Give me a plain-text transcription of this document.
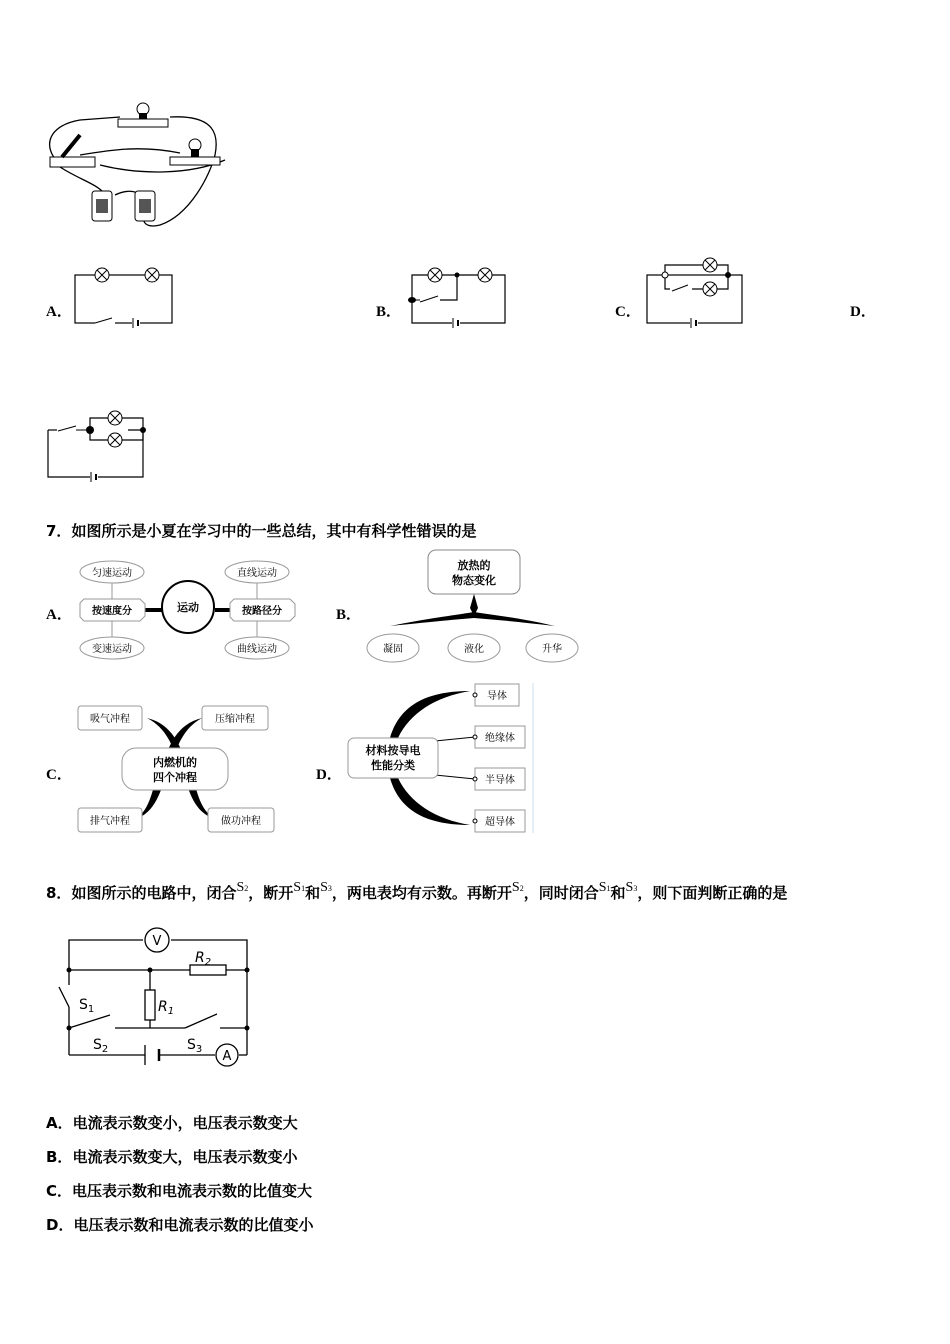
A．	B．	C．	D．
7．如图所示是小夏在学习中的一些总结，其中有科学性错误的是
A．
匀速运动
变速运动
按速度分	运动	按路径分
直线运动
曲线运动
B．
放热的
物态变化
凝固	液化	升华
C．
吸气冲程	压缩冲程
内燃机的
四个冲程
排气冲程	做功冲程
D．
材料按导电
性能分类
导体
绝缘体
半导体
超导体
8．如图所示的电路中，闭合S2，断开S1和S3，两电表均有示数。再断开S2，同时闭合S1和S3，则下面判断正确的是
V
$R_2$
$R_1$
$S_1$
$S_2$	$S_3$ A
A．电流表示数变小，电压表示数变大
B．电流表示数变大，电压表示数变小
C．电压表示数和电流表示数的比值变大
D．电压表示数和电流表示数的比值变小
